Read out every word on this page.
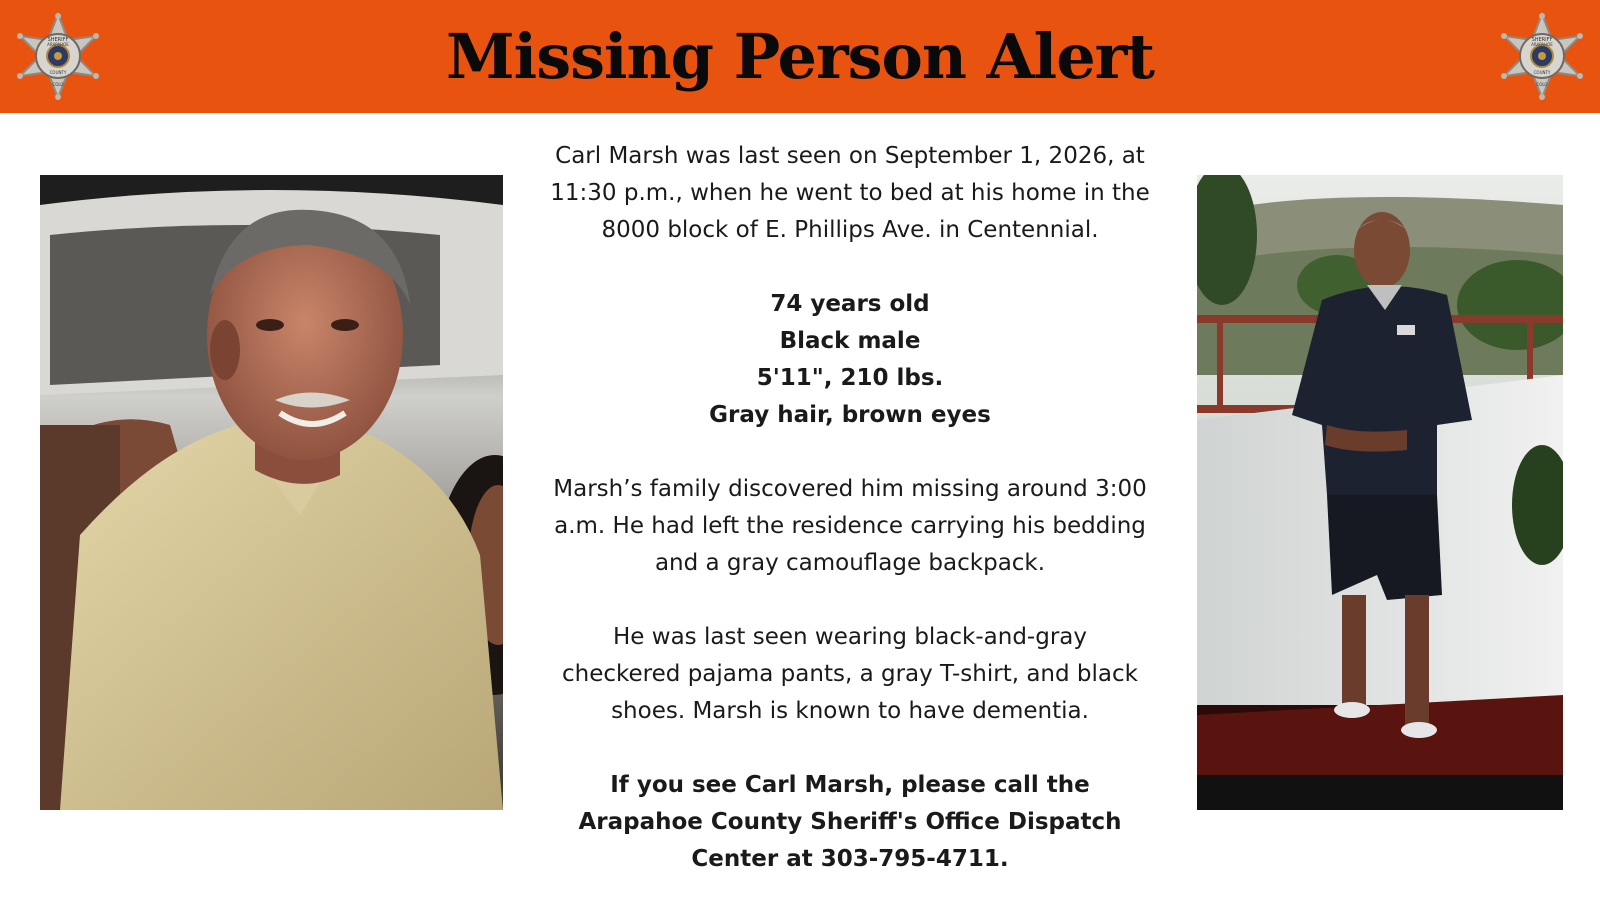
Missing Person Alert
SHERIFF
ARAPAHOE
COUNTY
COLO
SHERIFF
ARAPAHOE
COUNTY
COLO
Carl Marsh was last seen on September 1, 2026, at
11:30 p.m., when he went to bed at his home in the
8000 block of E. Phillips Ave. in Centennial.
74 years old
Black male
5'11", 210 lbs.
Gray hair, brown eyes
Marsh’s family discovered him missing around 3:00
a.m. He had left the residence carrying his bedding
and a gray camouflage backpack.
He was last seen wearing black-and-gray
checkered pajama pants, a gray T-shirt, and black
shoes. Marsh is known to have dementia.
If you see Carl Marsh, please call the
Arapahoe County Sheriff's Office Dispatch
Center at 303-795-4711.
